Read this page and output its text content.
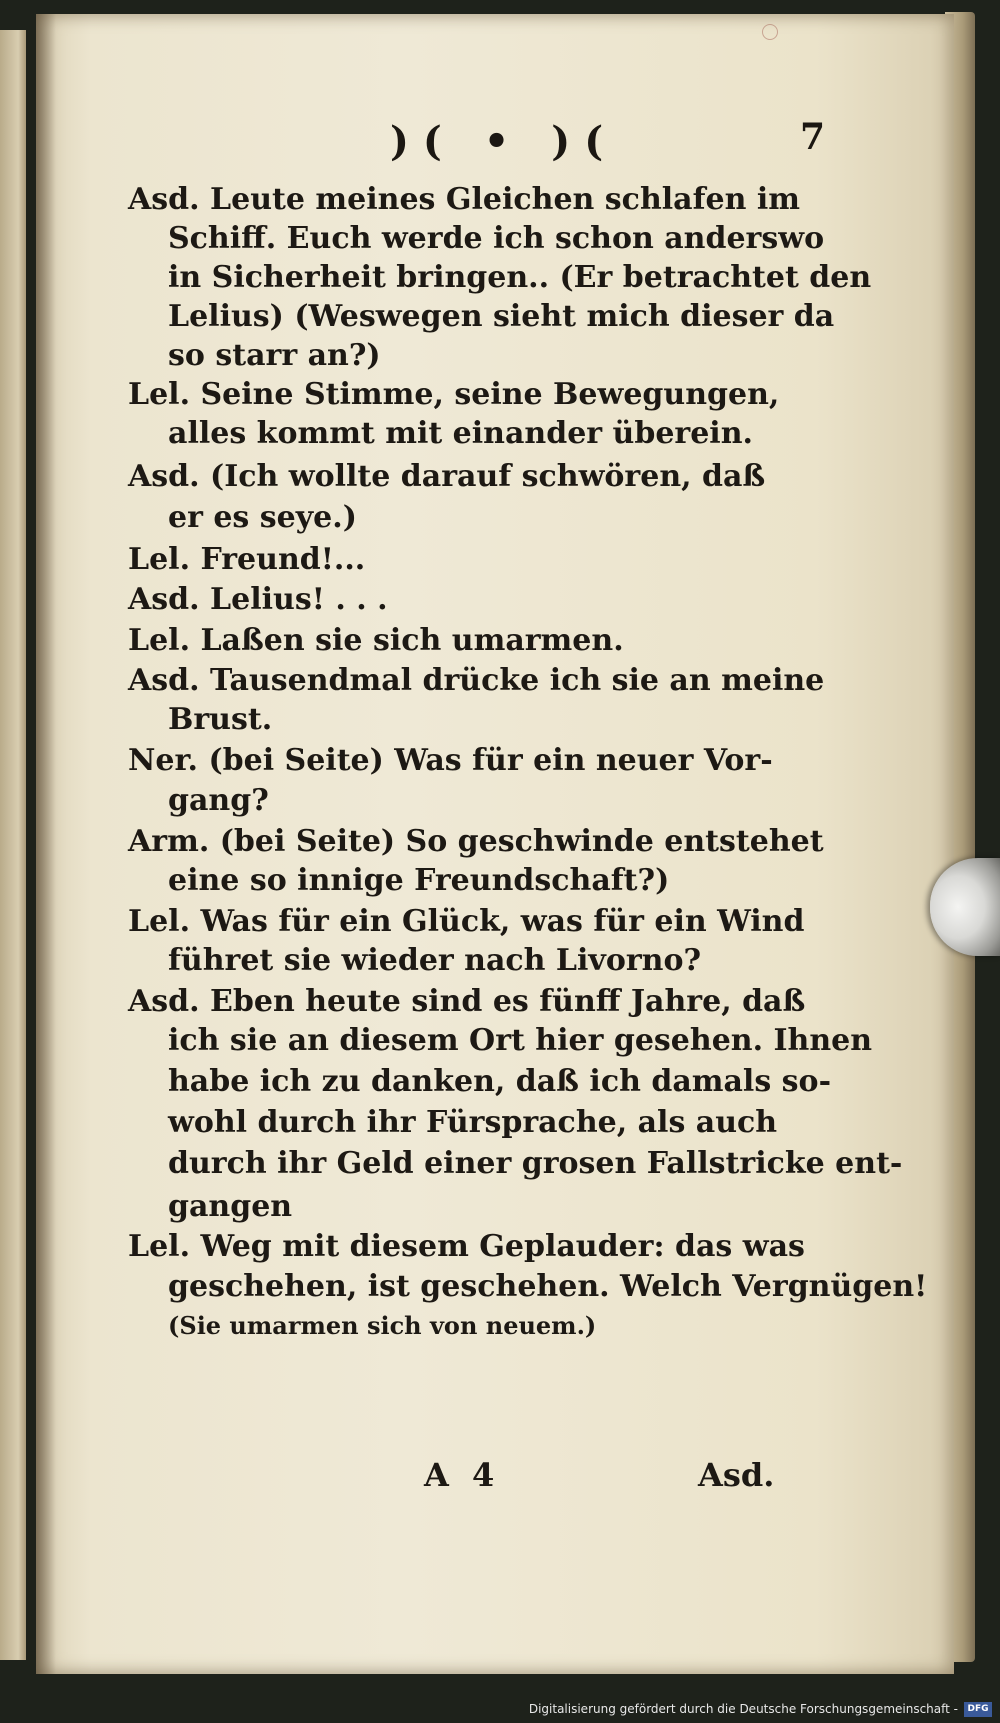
)( • )(	7
Asd. Leute meines Gleichen schlafen im
Schiff. Euch werde ich schon anderswo
in Sicherheit bringen.. (Er betrachtet den
Lelius) (Weswegen sieht mich dieser da
so starr an?)
Lel. Seine Stimme, seine Bewegungen,
alles kommt mit einander überein.
Asd. (Ich wollte darauf schwören, daß
er es seye.)
Lel. Freund!...
Asd. Lelius! . . .
Lel. Laßen sie sich umarmen.
Asd. Tausendmal drücke ich sie an meine
Brust.
Ner. (bei Seite) Was für ein neuer Vor-
gang?
Arm. (bei Seite) So geschwinde entstehet
eine so innige Freundschaft?)
Lel. Was für ein Glück, was für ein Wind
führet sie wieder nach Livorno?
Asd. Eben heute sind es fünff Jahre, daß
ich sie an diesem Ort hier gesehen. Ihnen
habe ich zu danken, daß ich damals so-
wohl durch ihr Fürsprache, als auch
durch ihr Geld einer grosen Fallstricke ent-
gangen
Lel. Weg mit diesem Geplauder: das was
geschehen, ist geschehen. Welch Vergnügen!
(Sie umarmen sich von neuem.)
A 4	Asd.
Digitalisierung gefördert durch die Deutsche Forschungsgemeinschaft -	DFG
